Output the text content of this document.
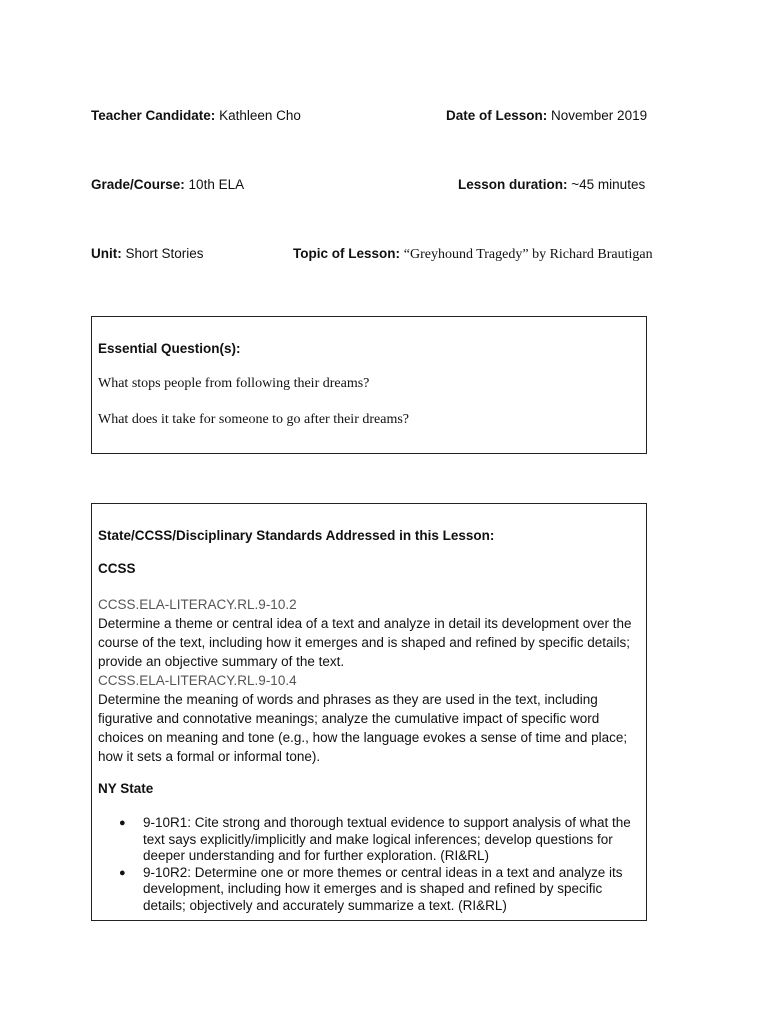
Teacher Candidate: Kathleen Cho	Date of Lesson: November 2019
Grade/Course: 10th ELA	Lesson duration: ~45 minutes
Unit: Short Stories	Topic of Lesson: “Greyhound Tragedy” by Richard Brautigan
Essential Question(s):
What stops people from following their dreams?
What does it take for someone to go after their dreams?
State/CCSS/Disciplinary Standards Addressed in this Lesson:
CCSS
CCSS.ELA-LITERACY.RL.9-10.2
Determine a theme or central idea of a text and analyze in detail its development over the course of the text, including how it emerges and is shaped and refined by specific details; provide an objective summary of the text.
CCSS.ELA-LITERACY.RL.9-10.4
Determine the meaning of words and phrases as they are used in the text, including figurative and connotative meanings; analyze the cumulative impact of specific word choices on meaning and tone (e.g., how the language evokes a sense of time and place; how it sets a formal or informal tone).
NY State
● 9-10R1: Cite strong and thorough textual evidence to support analysis of what the text says explicitly/implicitly and make logical inferences; develop questions for deeper understanding and for further exploration. (RI&RL)
● 9-10R2: Determine one or more themes or central ideas in a text and analyze its development, including how it emerges and is shaped and refined by specific details; objectively and accurately summarize a text. (RI&RL)
